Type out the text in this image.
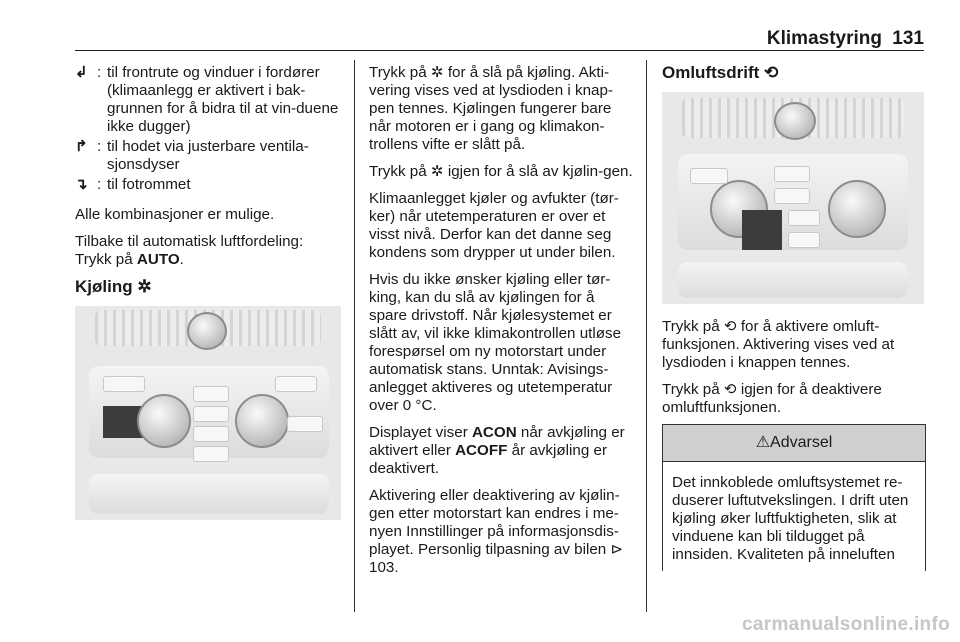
Klimastyring 131
↲ : til frontrute og vinduer i fordører (klimaanlegg er aktivert i bak-grunnen for å bidra til at vin-duene ikke dugger)
↱ : til hodet via justerbare ventila-sjonsdyser
↴ : til fotrommet

Alle kombinasjoner er mulige.

Tilbake til automatisk luftfordeling: Trykk på AUTO.

Kjøling ✲

Trykk på ✲ for å slå på kjøling. Akti-vering vises ved at lysdioden i knap-pen tennes. Kjølingen fungerer bare når motoren er i gang og klimakon-trollens vifte er slått på.

Trykk på ✲ igjen for å slå av kjølin-gen.

Klimaanlegget kjøler og avfukter (tør-ker) når utetemperaturen er over et visst nivå. Derfor kan det danne seg kondens som drypper ut under bilen.

Hvis du ikke ønsker kjøling eller tør-king, kan du slå av kjølingen for å spare drivstoff. Når kjølesystemet er slått av, vil ikke klimakontrollen utløse forespørsel om ny motorstart under automatisk stans. Unntak: Avisings-anlegget aktiveres og utetemperatur over 0 °C.

Displayet viser ACON når avkjøling er aktivert eller ACOFF år avkjøling er deaktivert.

Aktivering eller deaktivering av kjølin-gen etter motorstart kan endres i me-nyen Innstillinger på informasjonsdis-playet. Personlig tilpasning av bilen ⊳ 103.

Omluftsdrift ⟲

Trykk på ⟲ for å aktivere omluft-funksjonen. Aktivering vises ved at lysdioden i knappen tennes.

Trykk på ⟲ igjen for å deaktivere omluftfunksjonen.

⚠Advarsel
Det innkoblede omluftsystemet re-duserer luftutvekslingen. I drift uten kjøling øker luftfuktigheten, slik at vinduene kan bli tildugget på innsiden. Kvaliteten på inneluften
carmanualsonline.info
